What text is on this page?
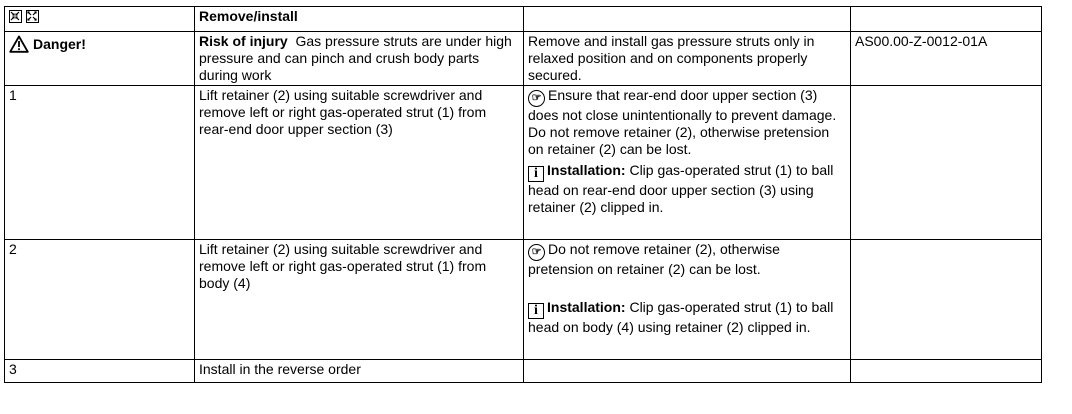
	Remove/install		

Danger!	Risk of injury Gas pressure struts are under high pressure and can pinch and crush body parts during work	Remove and install gas pressure struts only in relaxed position and on components properly secured.	AS00.00-Z-0012-01A
1	Lift retainer (2) using suitable screwdriver and remove left or right gas-operated strut (1) from rear-end door upper section (3)	☞ Ensure that rear-end door upper section (3) does not close unintentionally to prevent damage.
Do not remove retainer (2), otherwise pretension on retainer (2) can be lost.
i Installation: Clip gas-operated strut (1) to ball head on rear-end door upper section (3) using retainer (2) clipped in.	

2	Lift retainer (2) using suitable screwdriver and remove left or right gas-operated strut (1) from body (4)	☞ Do not remove retainer (2), otherwise pretension on retainer (2) can be lost.
i Installation: Clip gas-operated strut (1) to ball head on body (4) using retainer (2) clipped in.	

3	Install in the reverse order		
